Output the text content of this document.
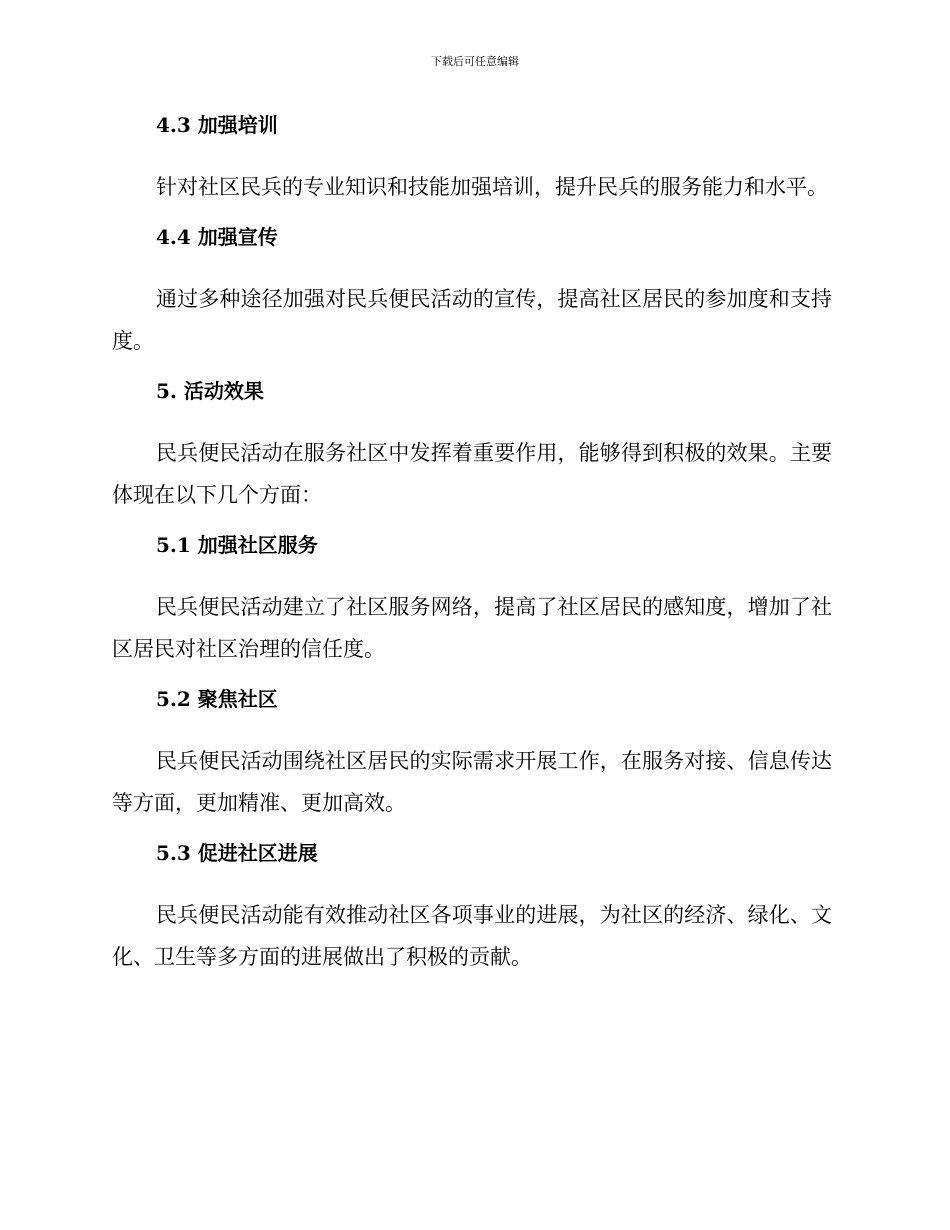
下载后可任意编辑
4.3 加强培训

针对社区民兵的专业知识和技能加强培训，提升民兵的服务能力和水平。

4.4 加强宣传

通过多种途径加强对民兵便民活动的宣传，提高社区居民的参加度和支持度。

5. 活动效果

民兵便民活动在服务社区中发挥着重要作用，能够得到积极的效果。主要体现在以下几个方面：

5.1 加强社区服务

民兵便民活动建立了社区服务网络，提高了社区居民的感知度，增加了社区居民对社区治理的信任度。

5.2 聚焦社区

民兵便民活动围绕社区居民的实际需求开展工作，在服务对接、信息传达等方面，更加精准、更加高效。

5.3 促进社区进展

民兵便民活动能有效推动社区各项事业的进展，为社区的经济、绿化、文化、卫生等多方面的进展做出了积极的贡献。
